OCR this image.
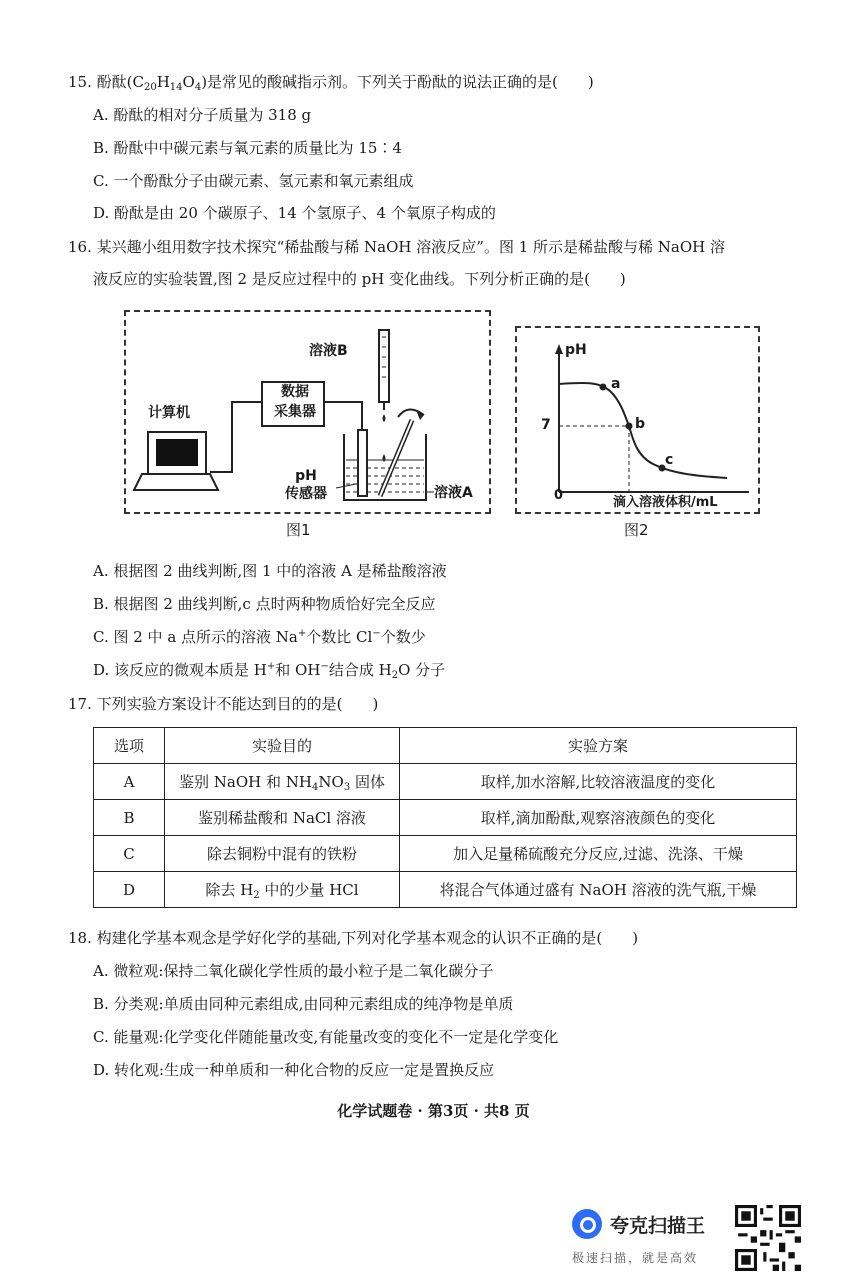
15. 酚酞$(C_{20}H_{14}O_4)$是常见的酸碱指示剂。下列关于酚酞的说法正确的是(　　)
A. 酚酞的相对分子质量为 318 g
B. 酚酞中中碳元素与氧元素的质量比为 15∶4
C. 一个酚酞分子由碳元素、氢元素和氧元素组成
D. 酚酞是由 20 个碳原子、14 个氢原子、4 个氧原子构成的
16. 某兴趣小组用数字技术探究“稀盐酸与稀 NaOH 溶液反应”。图 1 所示是稀盐酸与稀 NaOH 溶
液反应的实验装置,图 2 是反应过程中的 pH 变化曲线。下列分析正确的是(　　)
溶液B
数据
采集器
计算机
pH
传感器	溶液A
图1
pH
7
0
a
b
c
滴入溶液体积/mL
图2
A. 根据图 2 曲线判断,图 1 中的溶液 A 是稀盐酸溶液
B. 根据图 2 曲线判断,c 点时两种物质恰好完全反应
C. 图 2 中 a 点所示的溶液 Na+个数比 Cl−个数少
D. 该反应的微观本质是 H+和 OH−结合成 $H_2O$ 分子
17. 下列实验方案设计不能达到目的的是(　　)
选项	实验目的	实验方案
A	鉴别 NaOH 和 $NH_4NO_3$ 固体	取样,加水溶解,比较溶液温度的变化
B	鉴别稀盐酸和 NaCl 溶液	取样,滴加酚酞,观察溶液颜色的变化
C	除去铜粉中混有的铁粉	加入足量稀硫酸充分反应,过滤、洗涤、干燥
D	除去 $H_2$ 中的少量 HCl	将混合气体通过盛有 NaOH 溶液的洗气瓶,干燥
18. 构建化学基本观念是学好化学的基础,下列对化学基本观念的认识不正确的是(　　)
A. 微粒观:保持二氧化碳化学性质的最小粒子是二氧化碳分子
B. 分类观:单质由同种元素组成,由同种元素组成的纯净物是单质
C. 能量观:化学变化伴随能量改变,有能量改变的变化不一定是化学变化
D. 转化观:生成一种单质和一种化合物的反应一定是置换反应
化学试题卷 · 第3页 · 共8 页
夸克扫描王
极速扫描，就是高效
